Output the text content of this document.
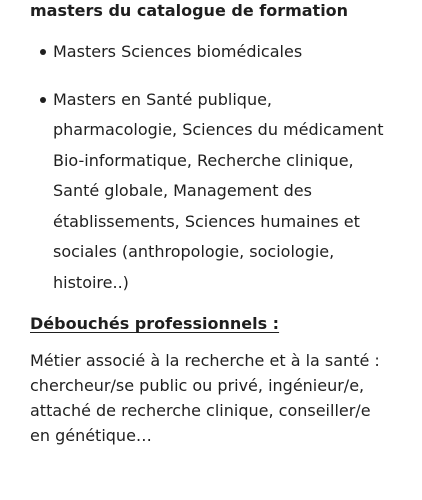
masters du catalogue de formation
Masters Sciences biomédicales
Masters en Santé publique, pharmacologie, Sciences du médicament Bio-informatique, Recherche clinique, Santé globale, Management des établissements, Sciences humaines et sociales (anthropologie, sociologie, histoire..)
Débouchés professionnels :
Métier associé à la recherche et à la santé : chercheur/se public ou privé, ingénieur/e, attaché de recherche clinique, conseiller/e en génétique…
